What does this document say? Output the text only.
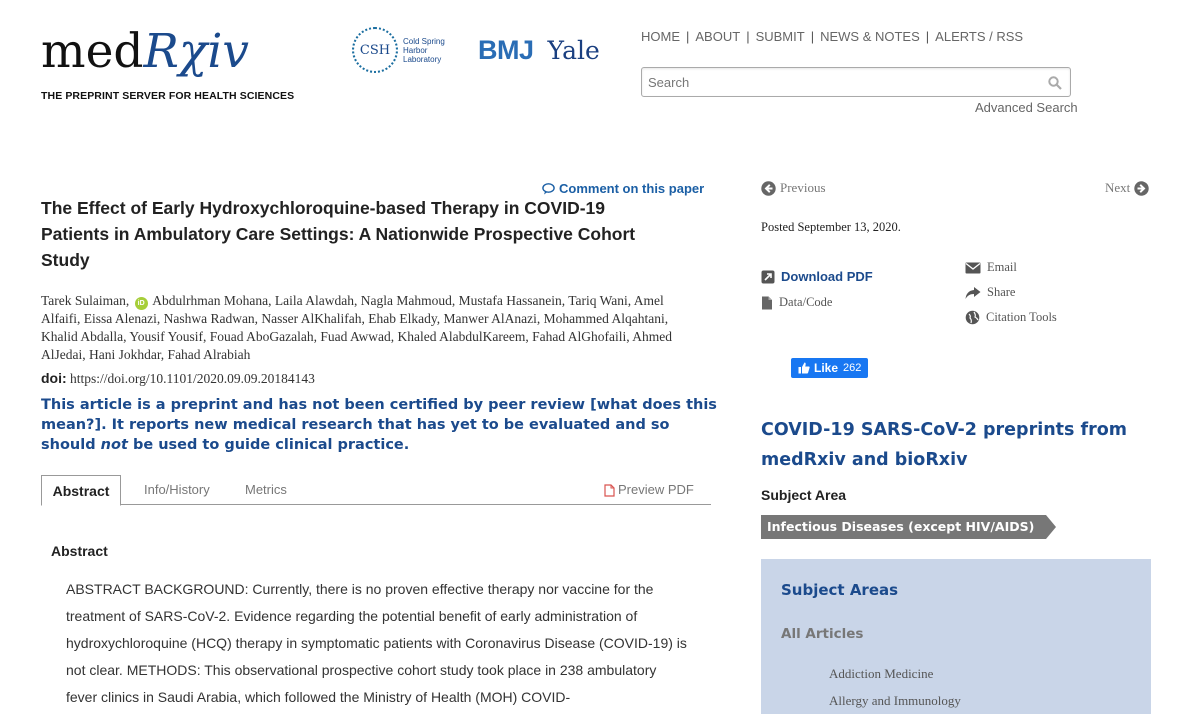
medRχiv
THE PREPRINT SERVER FOR HEALTH SCIENCES
CSH
Cold Spring Harbor Laboratory	BMJ Yale	HOME | ABOUT | SUBMIT | NEWS & NOTES | ALERTS / RSS
Search
Advanced Search
Comment on this paper
The Effect of Early Hydroxychloroquine-based Therapy in COVID-19 Patients in Ambulatory Care Settings: A Nationwide Prospective Cohort Study
Tarek Sulaiman, iD Abdulrhman Mohana, Laila Alawdah, Nagla Mahmoud, Mustafa Hassanein, Tariq Wani, Amel Alfaifi, Eissa Alenazi, Nashwa Radwan, Nasser AlKhalifah, Ehab Elkady, Manwer AlAnazi, Mohammed Alqahtani, Khalid Abdalla, Yousif Yousif, Fouad AboGazalah, Fuad Awwad, Khaled AlabdulKareem, Fahad AlGhofaili, Ahmed AlJedai, Hani Jokhdar, Fahad Alrabiah
doi: https://doi.org/10.1101/2020.09.09.20184143
This article is a preprint and has not been certified by peer review [what does this mean?]. It reports new medical research that has yet to be evaluated and so should not be used to guide clinical practice.
Abstract	Info/History	Metrics	Preview PDF
Abstract

ABSTRACT BACKGROUND: Currently, there is no proven effective therapy nor vaccine for the treatment of SARS-CoV-2. Evidence regarding the potential benefit of early administration of hydroxychloroquine (HCQ) therapy in symptomatic patients with Coronavirus Disease (COVID-19) is not clear. METHODS: This observational prospective cohort study took place in 238 ambulatory fever clinics in Saudi Arabia, which followed the Ministry of Health (MOH) COVID-

Previous	Next
Posted September 13, 2020.
Download PDF
Data/Code
Email
Share
Citation Tools
Like 262
COVID-19 SARS-CoV-2 preprints from medRxiv and bioRxiv
Subject Area
Infectious Diseases (except HIV/AIDS)
Subject Areas
All Articles
Addiction Medicine
Allergy and Immunology
